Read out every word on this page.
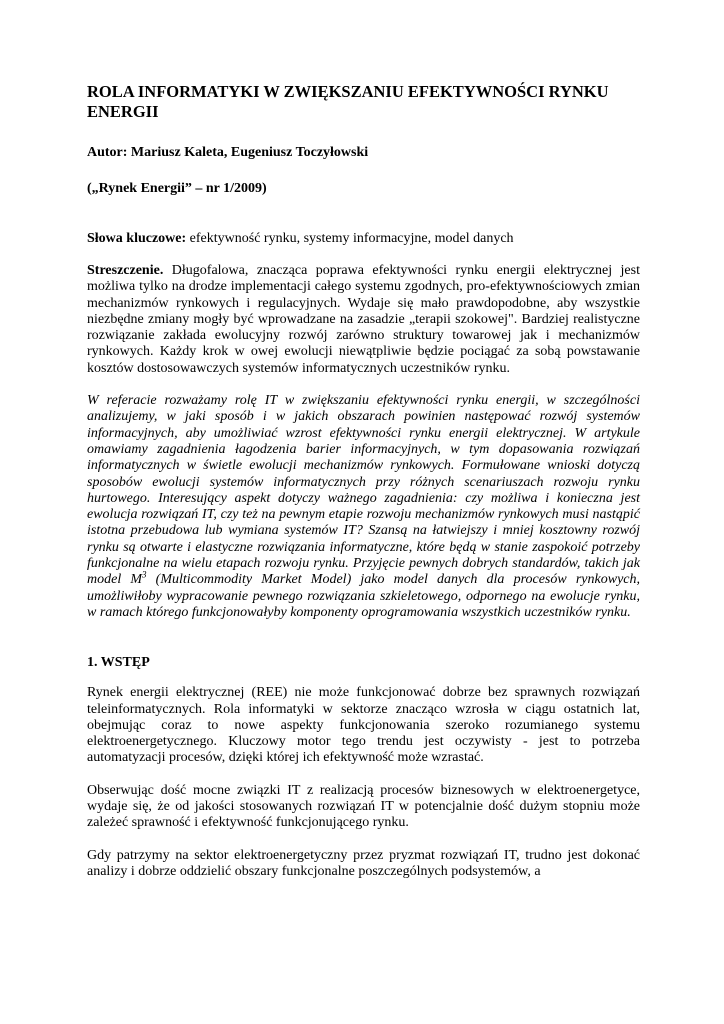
ROLA INFORMATYKI W ZWIĘKSZANIU EFEKTYWNOŚCI RYNKU ENERGII
Autor: Mariusz Kaleta, Eugeniusz Toczyłowski
(„Rynek Energii” – nr 1/2009)
Słowa kluczowe: efektywność rynku, systemy informacyjne, model danych

Streszczenie. Długofalowa, znacząca poprawa efektywności rynku energii elektrycznej jest możliwa tylko na drodze implementacji całego systemu zgodnych, pro-efektywnościowych zmian mechanizmów rynkowych i regulacyjnych. Wydaje się mało prawdopodobne, aby wszystkie niezbędne zmiany mogły być wprowadzane na zasadzie „terapii szokowej". Bardziej realistyczne rozwiązanie zakłada ewolucyjny rozwój zarówno struktury towarowej jak i mechanizmów rynkowych. Każdy krok w owej ewolucji niewątpliwie będzie pociągać za sobą powstawanie kosztów dostosowawczych systemów informatycznych uczestników rynku.

W referacie rozważamy rolę IT w zwiększaniu efektywności rynku energii, w szczególności analizujemy, w jaki sposób i w jakich obszarach powinien następować rozwój systemów informacyjnych, aby umożliwiać wzrost efektywności rynku energii elektrycznej. W artykule omawiamy zagadnienia łagodzenia barier informacyjnych, w tym dopasowania rozwiązań informatycznych w świetle ewolucji mechanizmów rynkowych. Formułowane wnioski dotyczą sposobów ewolucji systemów informatycznych przy różnych scenariuszach rozwoju rynku hurtowego. Interesujący aspekt dotyczy ważnego zagadnienia: czy możliwa i konieczna jest ewolucja rozwiązań IT, czy też na pewnym etapie rozwoju mechanizmów rynkowych musi nastąpić istotna przebudowa lub wymiana systemów IT? Szansą na łatwiejszy i mniej kosztowny rozwój rynku są otwarte i elastyczne rozwiązania informatyczne, które będą w stanie zaspokoić potrzeby funkcjonalne na wielu etapach rozwoju rynku. Przyjęcie pewnych dobrych standardów, takich jak model $M^3$ (Multicommodity Market Model) jako model danych dla procesów rynkowych, umożliwiłoby wypracowanie pewnego rozwiązania szkieletowego, odpornego na ewolucje rynku, w ramach którego funkcjonowałyby komponenty oprogramowania wszystkich uczestników rynku.

1. WSTĘP

Rynek energii elektrycznej (REE) nie może funkcjonować dobrze bez sprawnych rozwiązań teleinformatycznych. Rola informatyki w sektorze znacząco wzrosła w ciągu ostatnich lat, obejmując coraz to nowe aspekty funkcjonowania szeroko rozumianego systemu elektroenergetycznego. Kluczowy motor tego trendu jest oczywisty - jest to potrzeba automatyzacji procesów, dzięki której ich efektywność może wzrastać.

Obserwując dość mocne związki IT z realizacją procesów biznesowych w elektroenergetyce, wydaje się, że od jakości stosowanych rozwiązań IT w potencjalnie dość dużym stopniu może zależeć sprawność i efektywność funkcjonującego rynku.

Gdy patrzymy na sektor elektroenergetyczny przez pryzmat rozwiązań IT, trudno jest dokonać analizy i dobrze oddzielić obszary funkcjonalne poszczególnych podsystemów, a
